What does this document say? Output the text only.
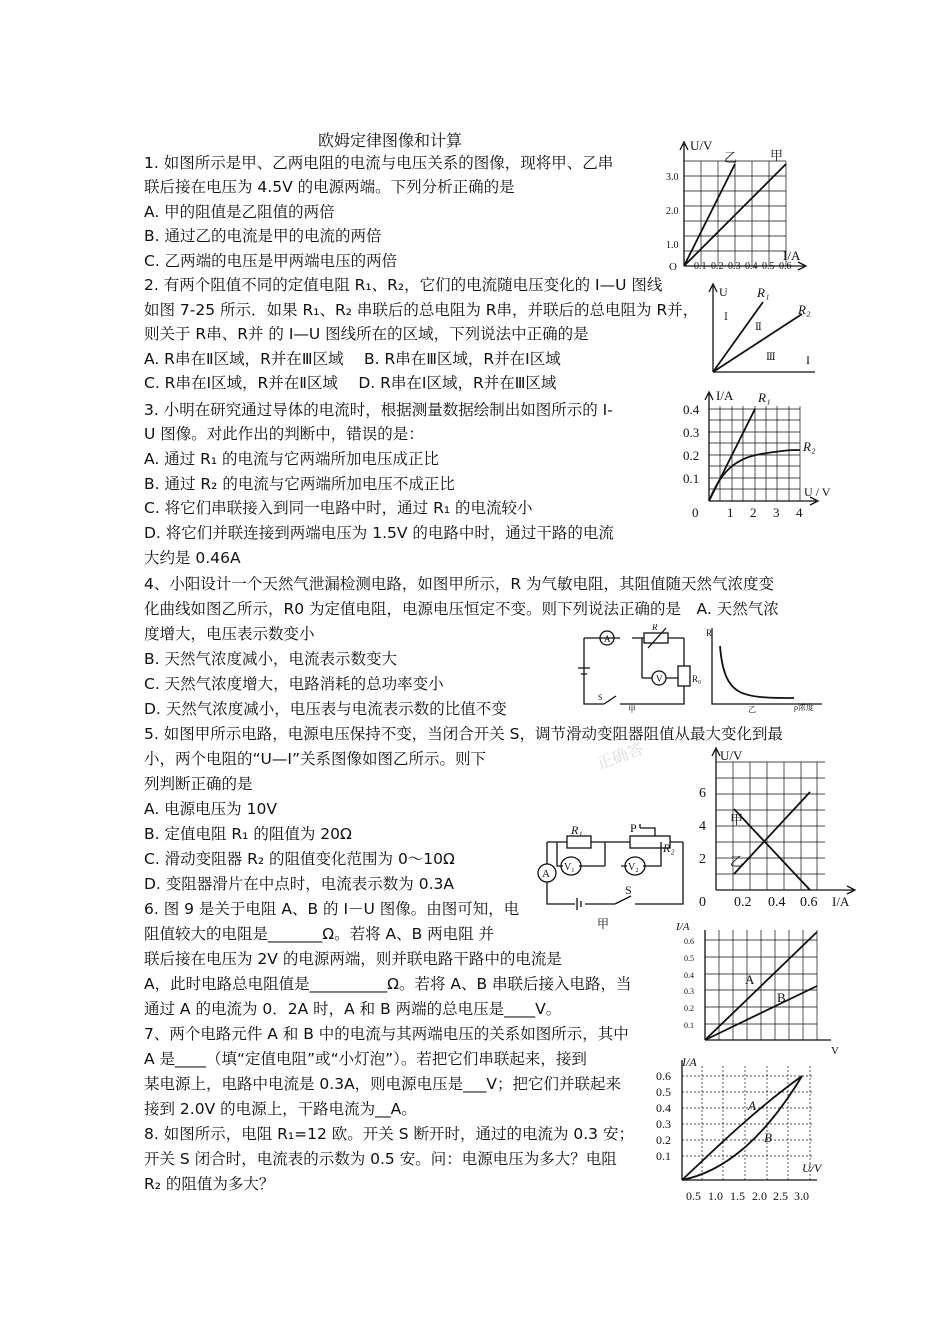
欧姆定律图像和计算
1. 如图所示是甲、乙两电阻的电流与电压关系的图像，现将甲、乙串
联后接在电压为 4.5V 的电源两端。下列分析正确的是
A. 甲的阻值是乙阻值的两倍
B. 通过乙的电流是甲的电流的两倍
C. 乙两端的电压是甲两端电压的两倍
2. 有两个阻值不同的定值电阻 R₁、R₂，它们的电流随电压变化的 I—U 图线
如图 7-25 所示．如果 R₁、R₂ 串联后的总电阻为 R串，并联后的总电阻为 R并，
则关于 R串、R并 的 I—U 图线所在的区域，下列说法中正确的是
A. R串在Ⅱ区域，R并在Ⅲ区域　 B. R串在Ⅲ区域，R并在Ⅰ区域
C. R串在Ⅰ区域，R并在Ⅱ区域　 D. R串在Ⅰ区域，R并在Ⅲ区域
3. 小明在研究通过导体的电流时，根据测量数据绘制出如图所示的 I-
U 图像。对此作出的判断中，错误的是：
A. 通过 R₁ 的电流与它两端所加电压成正比
B. 通过 R₂ 的电流与它两端所加电压不成正比
C. 将它们串联接入到同一电路中时，通过 R₁ 的电流较小
D. 将它们并联连接到两端电压为 1.5V 的电路中时，通过干路的电流
大约是 0.46A
4、小阳设计一个天然气泄漏检测电路，如图甲所示，R 为气敏电阻，其阻值随天然气浓度变
化曲线如图乙所示，R0 为定值电阻，电源电压恒定不变。则下列说法正确的是　A. 天然气浓
度增大，电压表示数变小
B. 天然气浓度减小，电流表示数变大
C. 天然气浓度增大，电路消耗的总功率变小
D. 天然气浓度减小，电压表与电流表示数的比值不变
5. 如图甲所示电路，电源电压保持不变，当闭合开关 S，调节滑动变阻器阻值从最大变化到最
小，两个电阻的“U—I”关系图像如图乙所示。则下
列判断正确的是
A. 电源电压为 10V
B. 定值电阻 R₁ 的阻值为 20Ω
C. 滑动变阻器 R₂ 的阻值变化范围为 0～10Ω
D. 变阻器滑片在中点时，电流表示数为 0.3A
6. 图 9 是关于电阻 A、B 的 I－U 图像。由图可知，电
阻值较大的电阻是_______Ω。若将 A、B 两电阻 并
联后接在电压为 2V 的电源两端，则并联电路干路中的电流是
A，此时电路总电阻值是__________Ω。若将 A、B 串联后接入电路，当
通过 A 的电流为 0．2A 时，A 和 B 两端的总电压是____V。
7、两个电路元件 A 和 B 中的电流与其两端电压的关系如图所示，其中
A 是____（填“定值电阻”或“小灯泡”）。若把它们串联起来，接到
某电源上，电路中电流是 0.3A，则电源电压是___V；把它们并联起来
接到 2.0V 的电源上，干路电流为__A。
8. 如图所示，电阻 R₁=12 欧。开关 S 断开时，通过的电流为 0.3 安；
开关 S 闭合时，电流表的示数为 0.5 安。问：电源电压为多大？电阻
R₂ 的阻值为多大？
正确答
U/V
I/A
3.0
2.0
1.0
O 0.1 0.2 0.3 0.4 0.5 0.6
乙	甲
U
I
R₁
R₂
Ⅰ
Ⅱ
Ⅲ
I/A
U / V
0.4
0.3
0.2
0.1
0 1 2 3 4
R₁
R₂
A
V
R
R₀
S
甲
R
ρ浓度
乙
U/V
I/A
6
4
2
0 0.2 0.4 0.6
甲
乙
R₁
R₂
P
V₁	V₂
A
S
甲	I/A
V
0.6
0.5
0.4
0.3
0.2
0.1
A
B
I/A
U/V
0.6
0.5
0.4
0.3
0.2
0.1
0.5 1.0 1.5 2.0 2.5 3.0
A
B
